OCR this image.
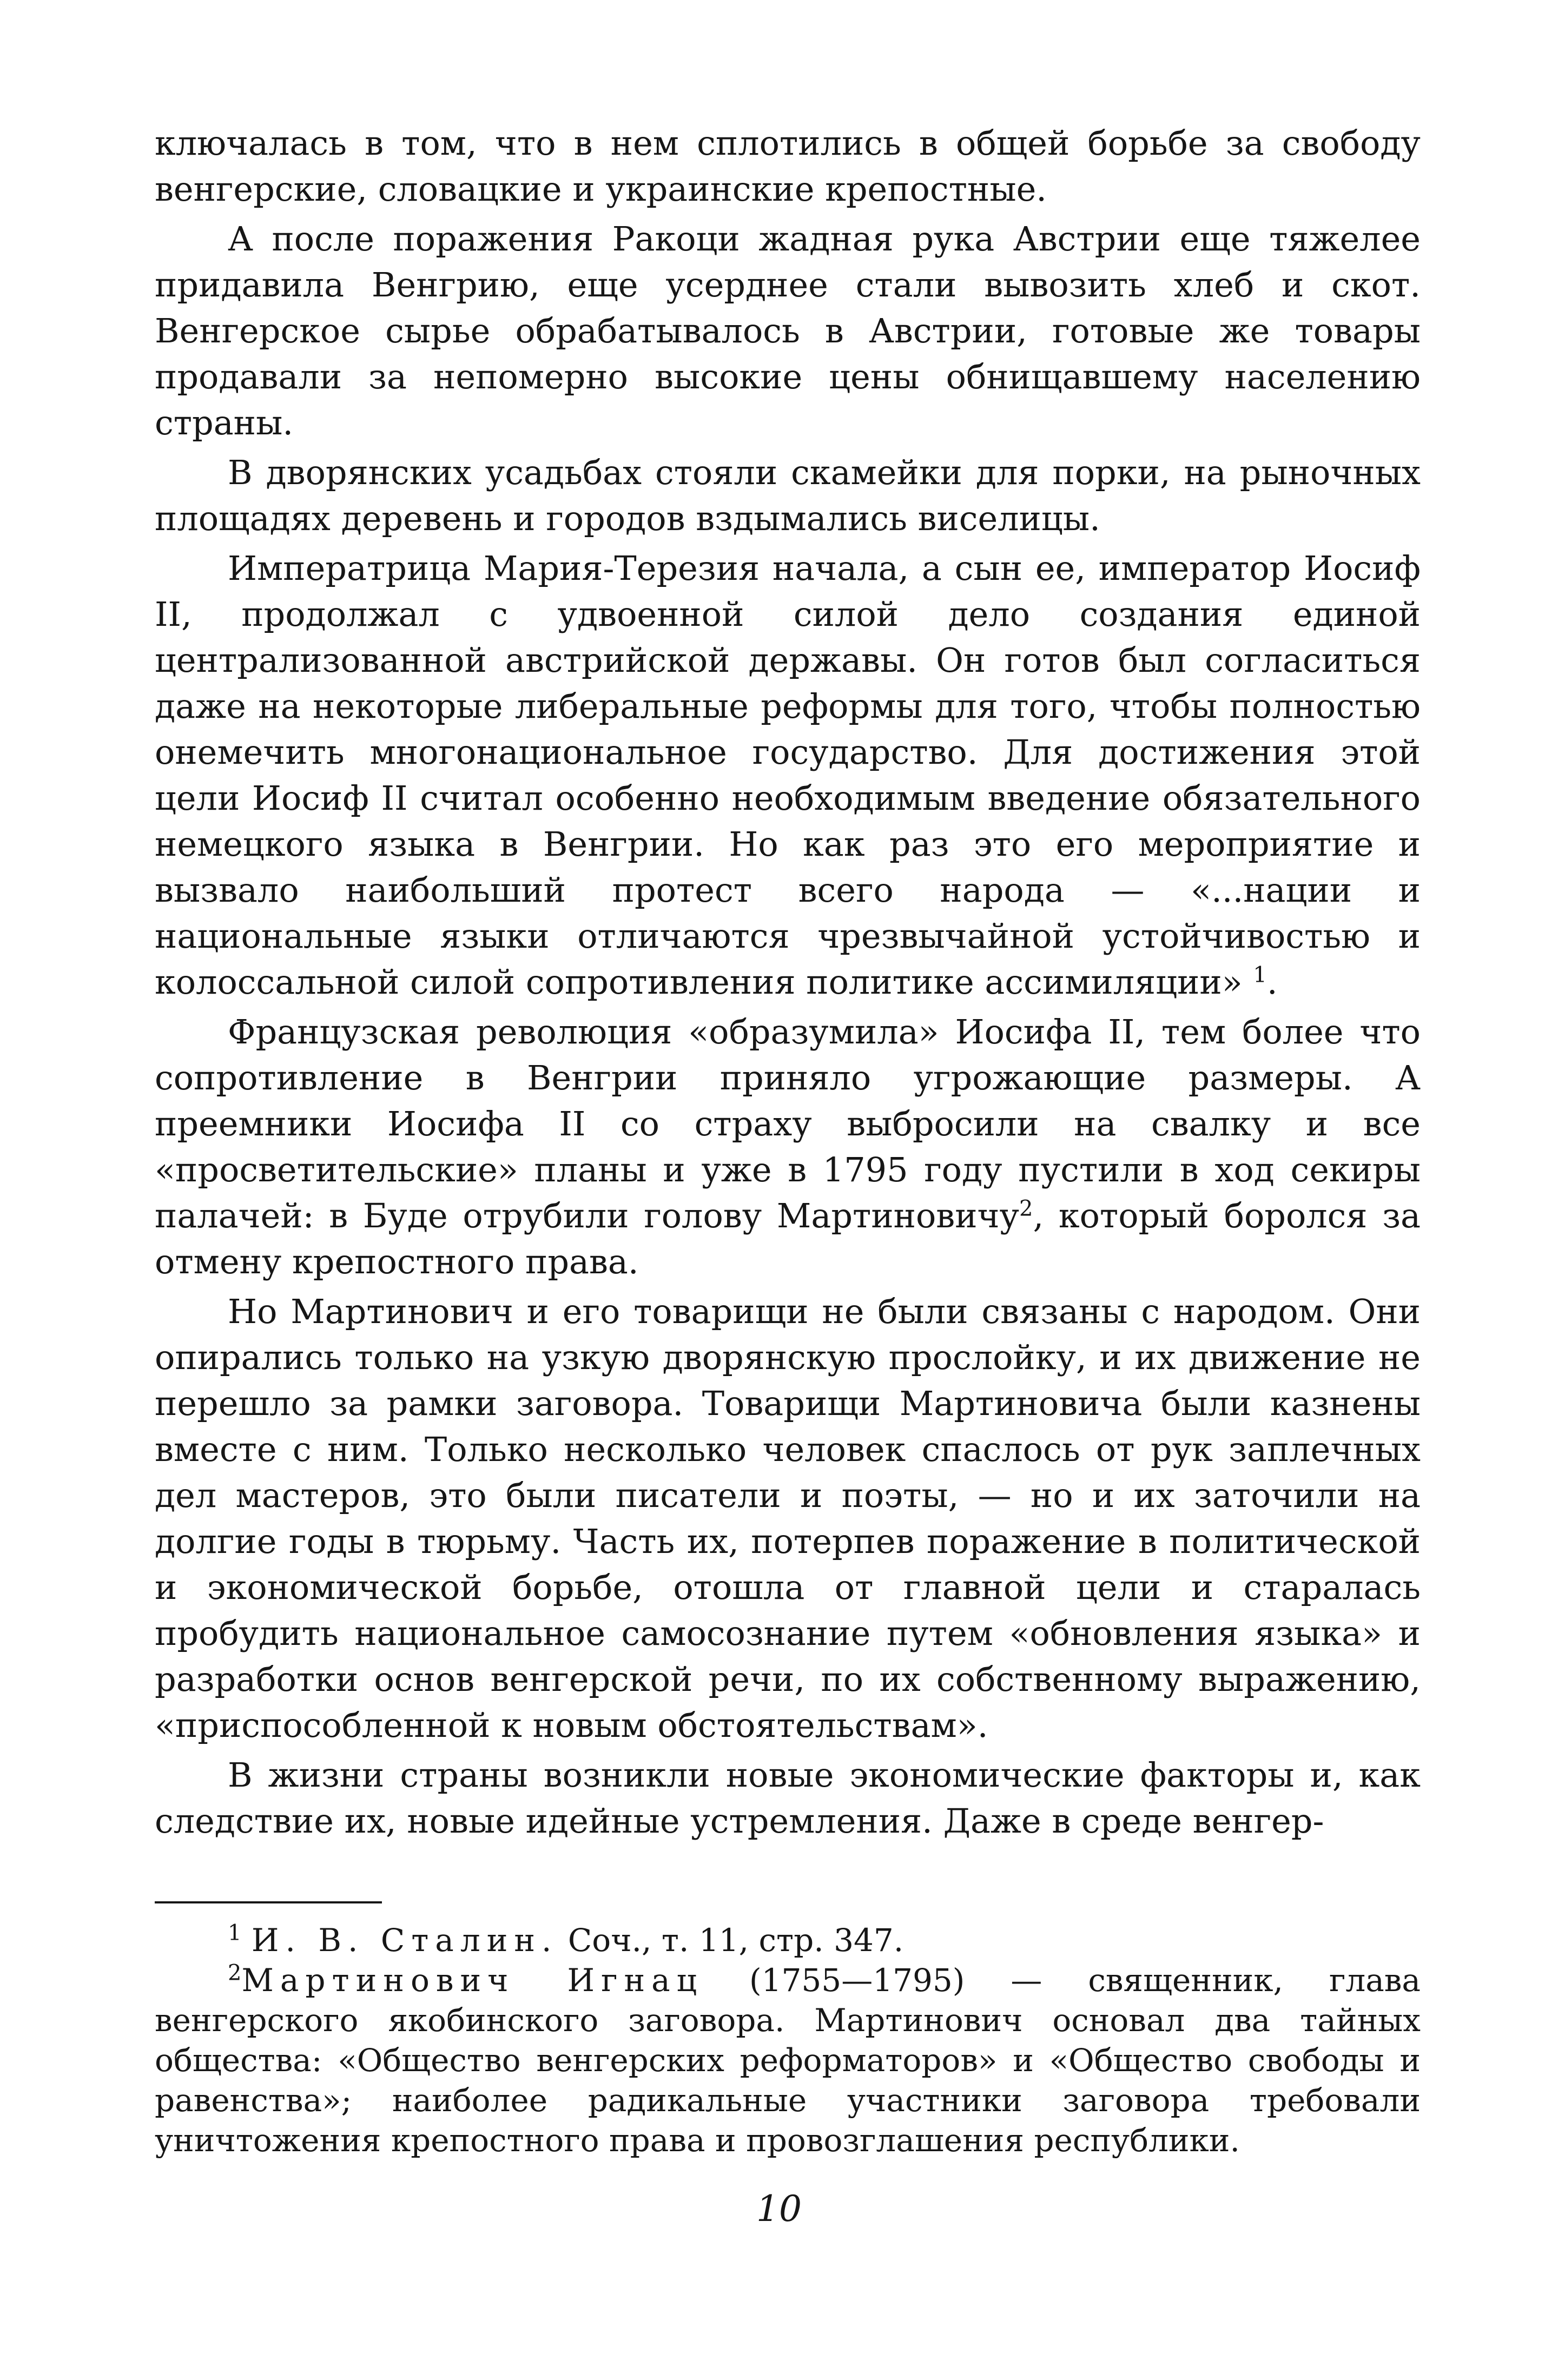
ключалась в том, что в нем сплотились в общей борьбе за свободу венгерские, словацкие и украинские крепостные.

А после поражения Ракоци жадная рука Австрии еще тяжелее придавила Венгрию, еще усерднее стали вывозить хлеб и скот. Венгерское сырье обрабатывалось в Австрии, готовые же товары продавали за непомерно высокие цены обнищавшему населению страны.

В дворянских усадьбах стояли скамейки для порки, на рыночных площадях деревень и городов вздымались виселицы.

Императрица Мария-Терезия начала, а сын ее, император Иосиф II, продолжал с удвоенной силой дело создания единой централизованной австрийской державы. Он готов был согласиться даже на некоторые либеральные реформы для того, чтобы полностью онемечить многонациональное государство. Для достижения этой цели Иосиф II считал особенно необходимым введение обязательного немецкого языка в Венгрии. Но как раз это его мероприятие и вызвало наибольший протест всего народа — «...нации и национальные языки отличаются чрезвычайной устойчивостью и колоссальной силой сопротивления политике ассимиляции» $^1$.

Французская революция «образумила» Иосифа II, тем более что сопротивление в Венгрии приняло угрожающие размеры. А преемники Иосифа II со страху выбросили на свалку и все «просветительские» планы и уже в 1795 году пустили в ход секиры палачей: в Буде отрубили голову Мартиновичу$^2$, который боролся за отмену крепостного права.

Но Мартинович и его товарищи не были связаны с народом. Они опирались только на узкую дворянскую прослойку, и их движение не перешло за рамки заговора. Товарищи Мартиновича были казнены вместе с ним. Только несколько человек спаслось от рук заплечных дел мастеров, это были писатели и поэты, — но и их заточили на долгие годы в тюрьму. Часть их, потерпев поражение в политической и экономической борьбе, отошла от главной цели и старалась пробудить национальное самосознание путем «обновления языка» и разработки основ венгерской речи, по их собственному выражению, «приспособленной к новым обстоятельствам».

В жизни страны возникли новые экономические факторы и, как следствие их, новые идейные устремления. Даже в среде венгер-

$^1$ И. В. Сталин. Соч., т. 11, стр. 347.

$^2$Мартинович Игнац (1755—1795) — священник, глава венгерского якобинского заговора. Мартинович основал два тайных общества: «Общество венгерских реформаторов» и «Общество свободы и равенства»; наиболее радикальные участники заговора требовали уничтожения крепостного права и провозглашения республики.

10
